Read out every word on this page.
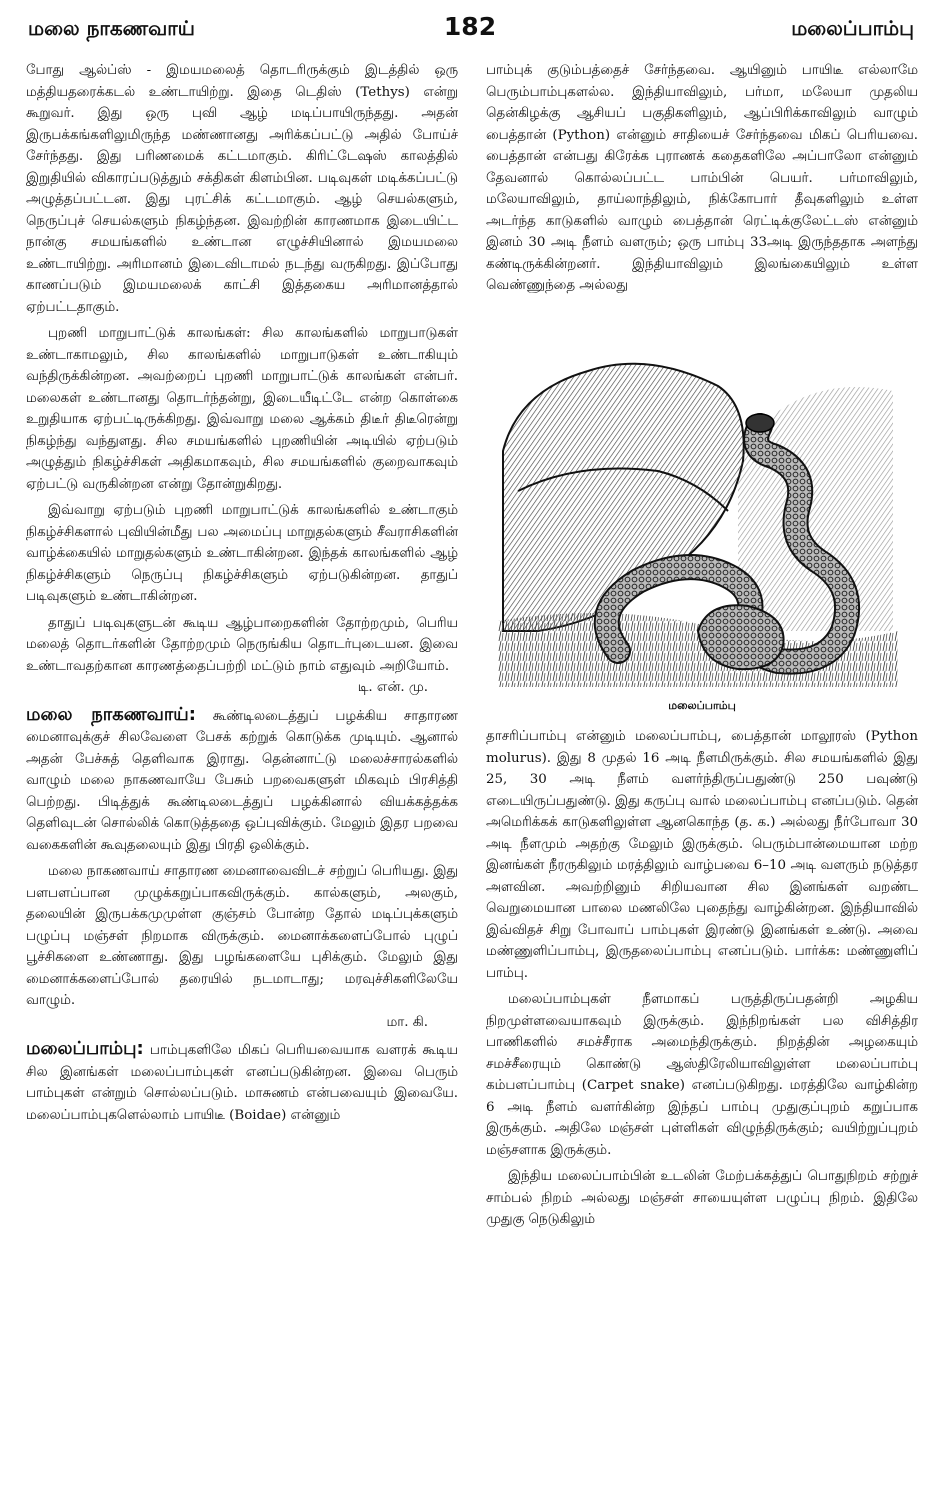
மலை நாகணவாய்	182	மலைப்பாம்பு

போது ஆல்ப்ஸ் - இமயமலைத் தொடரிருக்கும் இடத்தில் ஒரு மத்தியதரைக்கடல் உண்டாயிற்று. இதை டெதிஸ் (Tethys) என்று கூறுவர். இது ஒரு புவி ஆழ் மடிப்பாயிருந்தது. அதன் இருபக்கங்களிலுமிருந்த மண்ணானது அரிக்கப்பட்டு அதில் போய்ச் சேர்ந்தது. இது பரிணமைக் கட்டமாகும். கிரிட்டேஷஸ் காலத்தில் இறுதியில் விகாரப்படுத்தும் சக்திகள் கிளம்பின. படிவுகள் மடிக்கப்பட்டு அழுத்தப்பட்டன. இது புரட்சிக் கட்டமாகும். ஆழ் செயல்களும், நெருப்புச் செயல்களும் நிகழ்ந்தன. இவற்றின் காரணமாக இடையிட்ட நான்கு சமயங்களில் உண்டான எழுச்சியினால் இமயமலை உண்டாயிற்று. அரிமானம் இடைவிடாமல் நடந்து வருகிறது. இப்போது காணப்படும் இமயமலைக் காட்சி இத்தகைய அரிமானத்தால் ஏற்பட்டதாகும்.

புறணி மாறுபாட்டுக் காலங்கள்: சில காலங்களில் மாறுபாடுகள் உண்டாகாமலும், சில காலங்களில் மாறுபாடுகள் உண்டாகியும் வந்திருக்கின்றன. அவற்றைப் புறணி மாறுபாட்டுக் காலங்கள் என்பர். மலைகள் உண்டானது தொடர்ந்தன்று, இடையீடிட்டே என்ற கொள்கை உறுதியாக ஏற்பட்டிருக்கிறது. இவ்வாறு மலை ஆக்கம் திடீர் திடீரென்று நிகழ்ந்து வந்துளது. சில சமயங்களில் புறணியின் அடியில் ஏற்படும் அழுத்தும் நிகழ்ச்சிகள் அதிகமாகவும், சில சமயங்களில் குறைவாகவும் ஏற்பட்டு வருகின்றன என்று தோன்றுகிறது.

இவ்வாறு ஏற்படும் புறணி மாறுபாட்டுக் காலங்களில் உண்டாகும் நிகழ்ச்சிகளால் புவியின்மீது பல அமைப்பு மாறுதல்களும் சீவராசிகளின் வாழ்க்கையில் மாறுதல்களும் உண்டாகின்றன. இந்தக் காலங்களில் ஆழ் நிகழ்ச்சிகளும் நெருப்பு நிகழ்ச்சிகளும் ஏற்படுகின்றன. தாதுப் படிவுகளும் உண்டாகின்றன.

தாதுப் படிவுகளுடன் கூடிய ஆழ்பாறைகளின் தோற்றமும், பெரிய மலைத் தொடர்களின் தோற்றமும் நெருங்கிய தொடர்புடையன. இவை உண்டாவதற்கான காரணத்தைப்பற்றி மட்டும் நாம் எதுவும் அறியோம்.
டி. என். மு.

மலை நாகணவாய்: கூண்டிலடைத்துப் பழக்கிய சாதாரண மைனாவுக்குச் சிலவேளை பேசக் கற்றுக் கொடுக்க முடியும். ஆனால் அதன் பேச்சுத் தெளிவாக இராது. தென்னாட்டு மலைச்சாரல்களில் வாழும் மலை நாகணவாயே பேசும் பறவைகளுள் மிகவும் பிரசித்தி பெற்றது. பிடித்துக் கூண்டிலடைத்துப் பழக்கினால் வியக்கத்தக்க தெளிவுடன் சொல்லிக் கொடுத்ததை ஒப்புவிக்கும். மேலும் இதர பறவை வகைகளின் கூவுதலையும் இது பிரதி ஒலிக்கும்.

மலை நாகணவாய் சாதாரண மைனாவைவிடச் சற்றுப் பெரியது. இது பளபளப்பான முழுக்கறுப்பாகவிருக்கும். கால்களும், அலகும், தலையின் இருபக்கமுமுள்ள குஞ்சம் போன்ற தோல் மடிப்புக்களும் பழுப்பு மஞ்சள் நிறமாக விருக்கும். மைனாக்களைப்போல் புழுப் பூச்சிகளை உண்ணாது. இது பழங்களையே புசிக்கும். மேலும் இது மைனாக்களைப்போல் தரையில் நடமாடாது; மரவுச்சிகளிலேயே வாழும்.
மா. கி.

மலைப்பாம்பு: பாம்புகளிலே மிகப் பெரியவையாக வளரக் கூடிய சில இனங்கள் மலைப்பாம்புகள் எனப்படுகின்றன. இவை பெரும் பாம்புகள் என்றும் சொல்லப்படும். மாசுணம் என்பவையும் இவையே. மலைப்பாம்புகளெல்லாம் பாயிடீ (Boidae) என்னும்

பாம்புக் குடும்பத்தைச் சேர்ந்தவை. ஆயினும் பாயிடீ எல்லாமே பெரும்பாம்புகளல்ல. இந்தியாவிலும், பர்மா, மலேயா முதலிய தென்கிழக்கு ஆசியப் பகுதிகளிலும், ஆப்பிரிக்காவிலும் வாழும் பைத்தான் (Python) என்னும் சாதியைச் சேர்ந்தவை மிகப் பெரியவை. பைத்தான் என்பது கிரேக்க புராணக் கதைகளிலே அப்பாலோ என்னும் தேவனால் கொல்லப்பட்ட பாம்பின் பெயர். பர்மாவிலும், மலேயாவிலும், தாய்லாந்திலும், நிக்கோபார் தீவுகளிலும் உள்ள அடர்ந்த காடுகளில் வாழும் பைத்தான் ரெட்டிக்குலேட்டஸ் என்னும் இனம் 30 அடி நீளம் வளரும்; ஒரு பாம்பு 33அடி இருந்ததாக அளந்து கண்டிருக்கின்றனர். இந்தியாவிலும் இலங்கையிலும் உள்ள வெண்ணுந்தை அல்லது

மலைப்பாம்பு

தாசரிப்பாம்பு என்னும் மலைப்பாம்பு, பைத்தான் மாலூரஸ் (Python molurus). இது 8 முதல் 16 அடி நீளமிருக்கும். சில சமயங்களில் இது 25, 30 அடி நீளம் வளர்ந்திருப்பதுண்டு 250 பவுண்டு எடையிருப்பதுண்டு. இது கருப்பு வால் மலைப்பாம்பு எனப்படும். தென் அமெரிக்கக் காடுகளிலுள்ள ஆனகொந்த (த. க.) அல்லது நீர்போவா 30 அடி நீளமும் அதற்கு மேலும் இருக்கும். பெரும்பான்மையான மற்ற இனங்கள் நீரருகிலும் மரத்திலும் வாழ்பவை 6–10 அடி வளரும் நடுத்தர அளவின. அவற்றினும் சிறியவான சில இனங்கள் வறண்ட வெறுமையான பாலை மணலிலே புதைந்து வாழ்கின்றன. இந்தியாவில் இவ்விதச் சிறு போவாப் பாம்புகள் இரண்டு இனங்கள் உண்டு. அவை மண்ணுளிப்பாம்பு, இருதலைப்பாம்பு எனப்படும். பார்க்க: மண்ணுளிப் பாம்பு.

மலைப்பாம்புகள் நீளமாகப் பருத்திருப்பதன்றி அழகிய நிறமுள்ளவையாகவும் இருக்கும். இந்நிறங்கள் பல விசித்திர பாணிகளில் சமச்சீராக அமைந்திருக்கும். நிறத்தின் அழகையும் சமச்சீரையும் கொண்டு ஆஸ்திரேலியாவிலுள்ள மலைப்பாம்பு கம்பளப்பாம்பு (Carpet snake) எனப்படுகிறது. மரத்திலே வாழ்கின்ற 6 அடி நீளம் வளர்கின்ற இந்தப் பாம்பு முதுகுப்புறம் கறுப்பாக இருக்கும். அதிலே மஞ்சள் புள்ளிகள் விழுந்திருக்கும்; வயிற்றுப்புறம் மஞ்சளாக இருக்கும்.

இந்திய மலைப்பாம்பின் உடலின் மேற்பக்கத்துப் பொதுநிறம் சற்றுச் சாம்பல் நிறம் அல்லது மஞ்சள் சாயையுள்ள பழுப்பு நிறம். இதிலே முதுகு நெடுகிலும்
